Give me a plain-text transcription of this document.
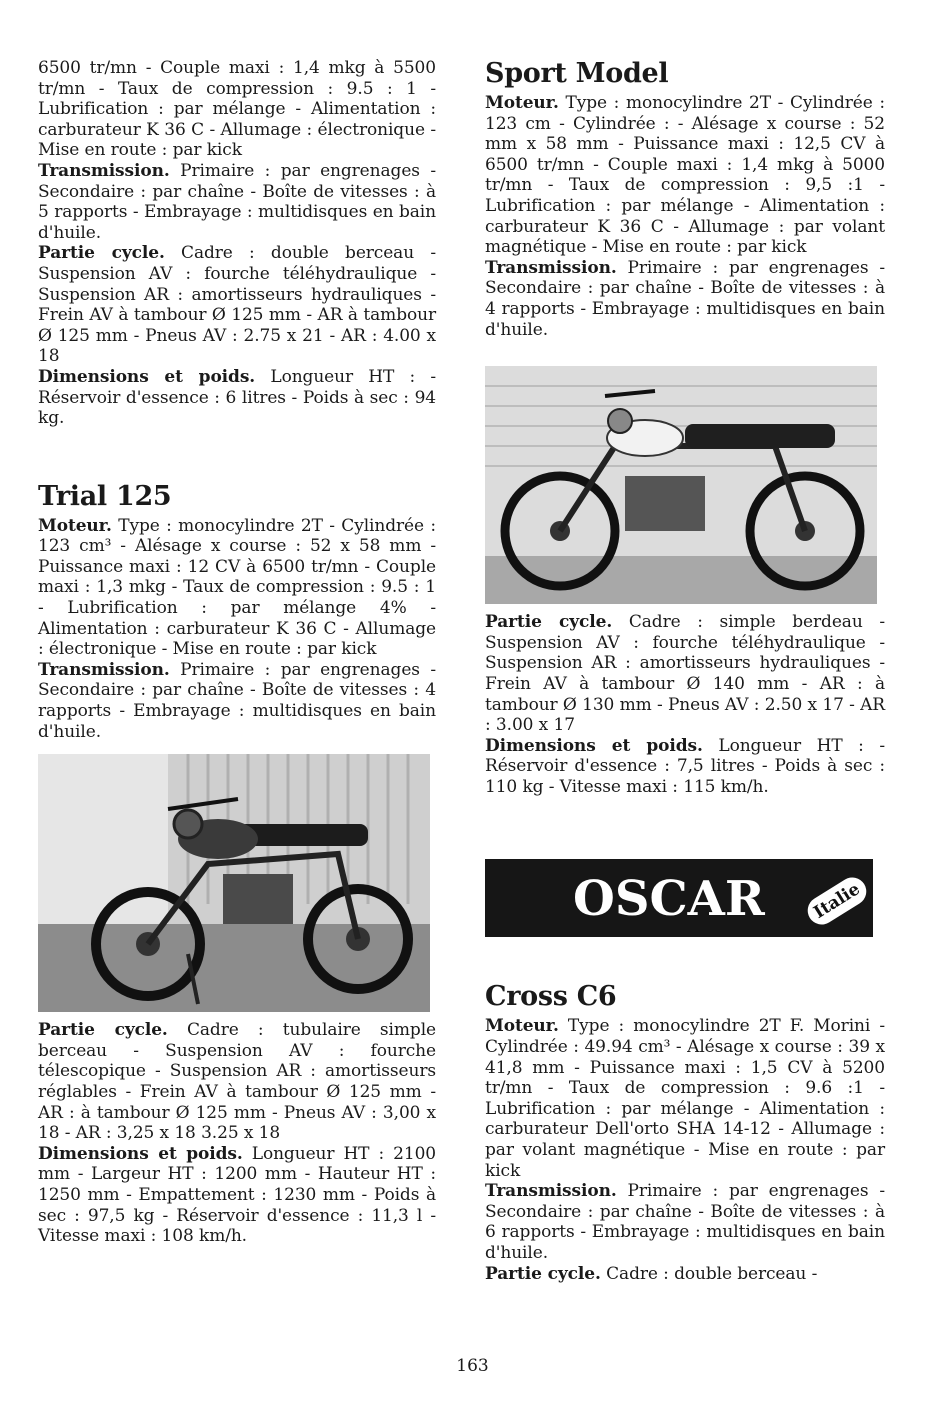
6500 tr/mn - Couple maxi : 1,4 mkg à 5500 tr/mn - Taux de compression : 9.5 : 1 - Lubrification : par mélange - Alimentation : carburateur K 36 C - Allumage : électronique - Mise en route : par kick

Transmission. Primaire : par engrenages - Secondaire : par chaîne - Boîte de vitesses : à 5 rapports - Embrayage : multidisques en bain d'huile.

Partie cycle. Cadre : double berceau - Suspension AV : fourche téléhydraulique - Suspension AR : amortisseurs hydrauliques - Frein AV à tambour Ø 125 mm - AR à tambour Ø 125 mm - Pneus AV : 2.75 x 21 - AR : 4.00 x 18

Dimensions et poids. Longueur HT : - Réservoir d'essence : 6 litres - Poids à sec : 94 kg.

Trial 125

Moteur. Type : monocylindre 2T - Cylindrée : 123 cm³ - Alésage x course : 52 x 58 mm - Puissance maxi : 12 CV à 6500 tr/mn - Couple maxi : 1,3 mkg - Taux de compression : 9.5 : 1 - Lubrification : par mélange 4% - Alimentation : carburateur K 36 C - Allumage : électronique - Mise en route : par kick

Transmission. Primaire : par engrenages - Secondaire : par chaîne - Boîte de vitesses : 4 rapports - Embrayage : multidisques en bain d'huile.

Partie cycle. Cadre : tubulaire simple berceau - Suspension AV : fourche télescopique - Suspension AR : amortisseurs réglables - Frein AV à tambour Ø 125 mm - AR : à tambour Ø 125 mm - Pneus AV : 3,00 x 18 - AR : 3,25 x 18 3.25 x 18

Dimensions et poids. Longueur HT : 2100 mm - Largeur HT : 1200 mm - Hauteur HT : 1250 mm - Empattement : 1230 mm - Poids à sec : 97,5 kg - Réservoir d'essence : 11,3 l - Vitesse maxi : 108 km/h.

Sport Model

Moteur. Type : monocylindre 2T - Cylindrée : 123 cm - Cylindrée : - Alésage x course : 52 mm x 58 mm - Puissance maxi : 12,5 CV à 6500 tr/mn - Couple maxi : 1,4 mkg à 5000 tr/mn - Taux de compression : 9,5 :1 - Lubrification : par mélange - Alimentation : carburateur K 36 C - Allumage : par volant magnétique - Mise en route : par kick

Transmission. Primaire : par engrenages - Secondaire : par chaîne - Boîte de vitesses : à 4 rapports - Embrayage : multidisques en bain d'huile.

Partie cycle. Cadre : simple berdeau - Suspension AV : fourche téléhydraulique - Suspension AR : amortisseurs hydrauliques - Frein AV à tambour Ø 140 mm - AR : à tambour Ø 130 mm - Pneus AV : 2.50 x 17 - AR : 3.00 x 17

Dimensions et poids. Longueur HT : - Réservoir d'essence : 7,5 litres - Poids à sec : 110 kg - Vitesse maxi : 115 km/h.

OSCAR	Italie
Cross C6

Moteur. Type : monocylindre 2T F. Morini - Cylindrée : 49.94 cm³ - Alésage x course : 39 x 41,8 mm - Puissance maxi : 1,5 CV à 5200 tr/mn - Taux de compression : 9.6 :1 - Lubrification : par mélange - Alimentation : carburateur Dell'orto SHA 14-12 - Allumage : par volant magnétique - Mise en route : par kick

Transmission. Primaire : par engrenages - Secondaire : par chaîne - Boîte de vitesses : à 6 rapports - Embrayage : multidisques en bain d'huile.

Partie cycle. Cadre : double berceau -

163
